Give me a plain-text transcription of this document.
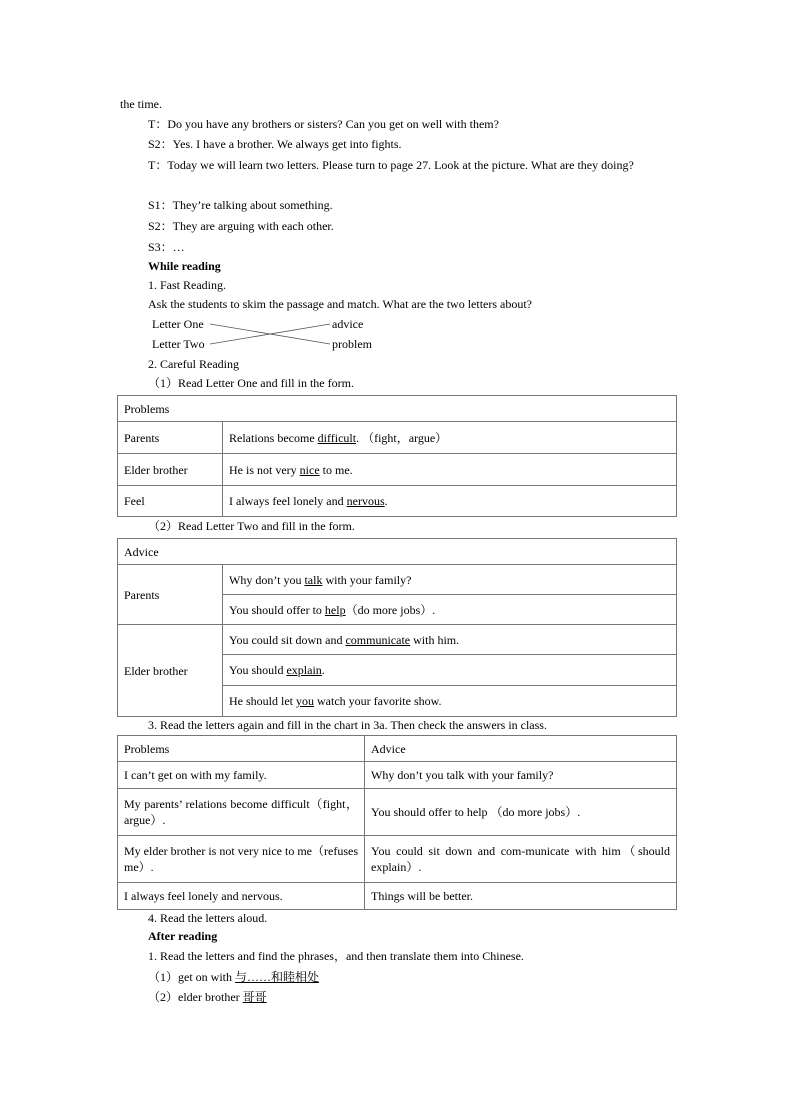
the time.
T：Do you have any brothers or sisters? Can you get on well with them?
S2：Yes. I have a brother. We always get into fights.
T：Today we will learn two letters. Please turn to page 27. Look at the picture. What are they doing?
S1：They’re talking about something.
S2：They are arguing with each other.
S3：…
While reading
1. Fast Reading.
Ask the students to skim the passage and match. What are the two letters about?
Letter One
Letter Two
advice
problem
2. Careful Reading
（1）Read Letter One and fill in the form.
Problems	
Parents	Relations become difficult. （fight，argue）
Elder brother	He is not very nice to me.
Feel	I always feel lonely and nervous.
（2）Read Letter Two and fill in the form.
Advice	
Parents	Why don’t you talk with your family?
	You should offer to help（do more jobs）.
Elder brother	You could sit down and communicate with him.
	You should explain.
	He should let you watch your favorite show.
3. Read the letters again and fill in the chart in 3a. Then check the answers in class.
Problems	Advice
I can’t get on with my family.	Why don’t you talk with your family?
My parents’ relations become difficult（fight，argue）.	You should offer to help （do more jobs）.
My elder brother is not very nice to me（refuses me）.	You could sit down and com-municate with him（should explain）.
I always feel lonely and nervous.	Things will be better.
4. Read the letters aloud.
After reading
1. Read the letters and find the phrases，and then translate them into Chinese.
（1）get on with 与……和睦相处
（2）elder brother 哥哥
